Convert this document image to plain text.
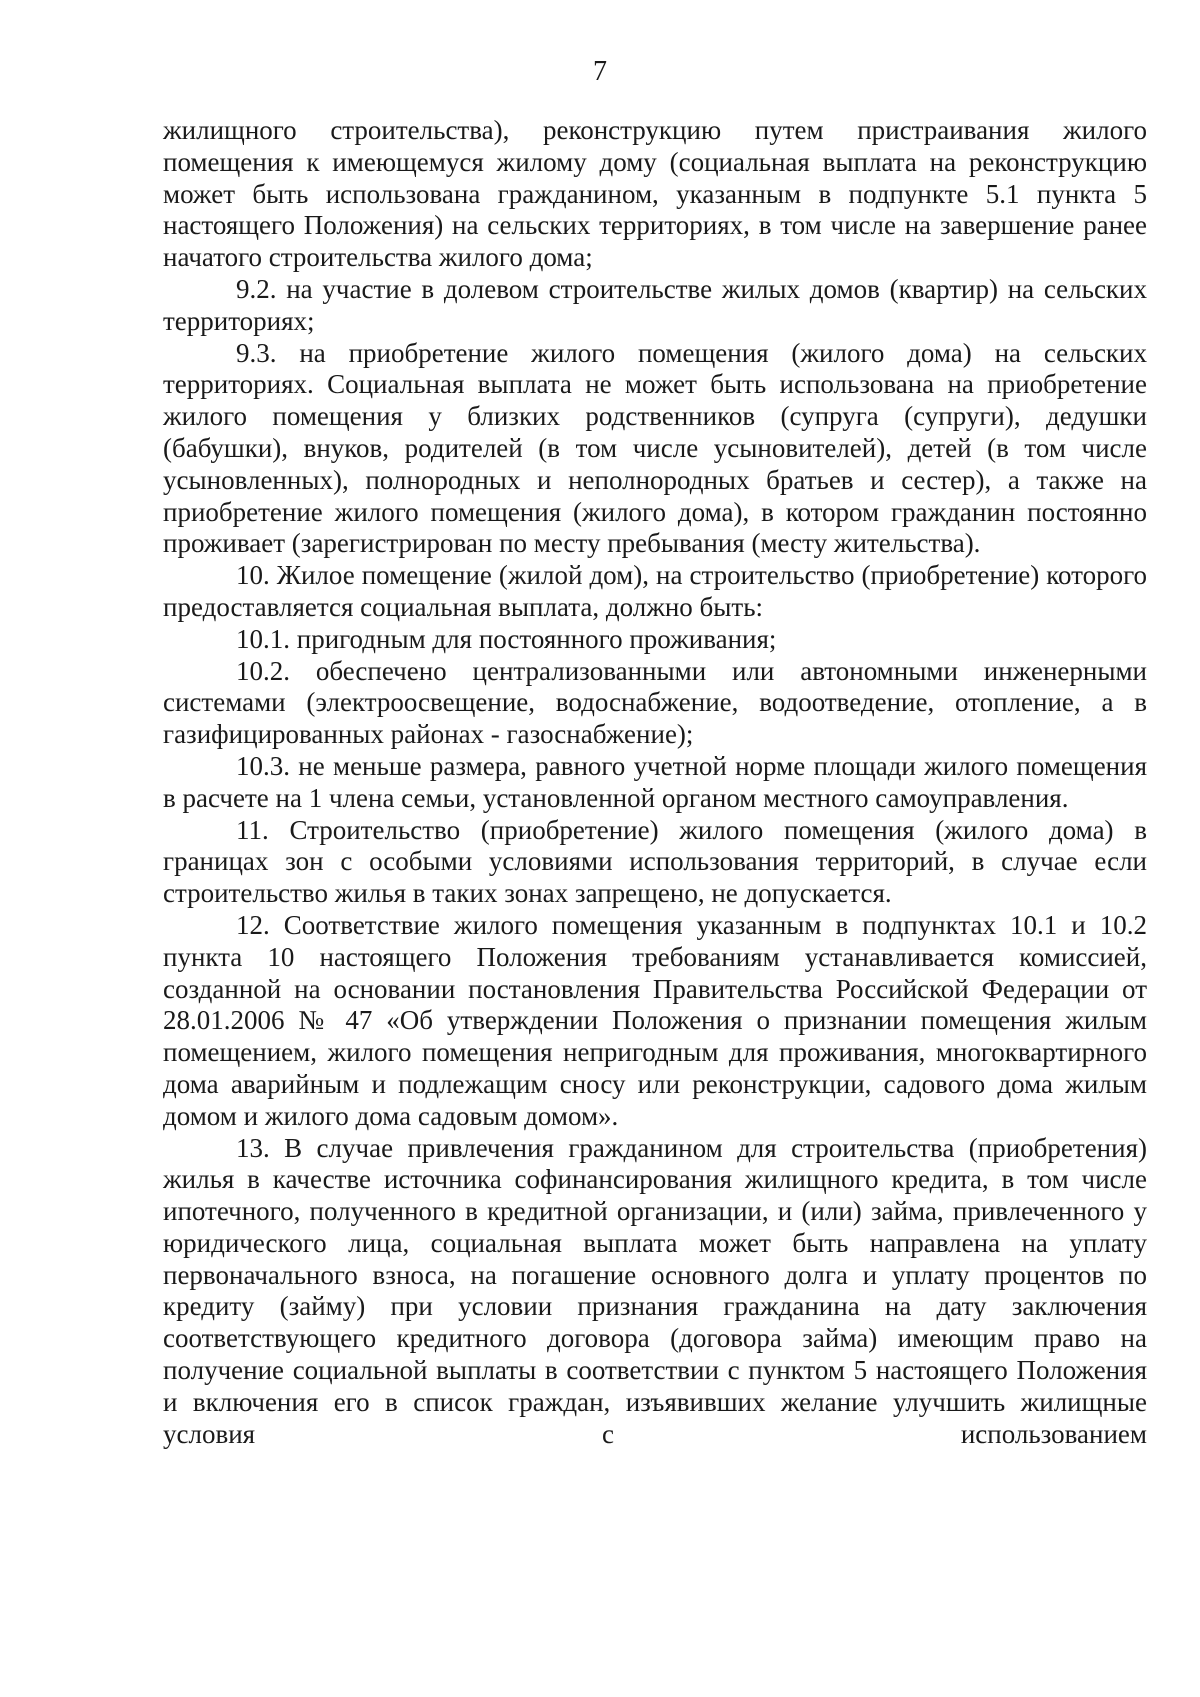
7

жилищного строительства), реконструкцию путем пристраивания жилого помещения к имеющемуся жилому дому (социальная выплата на реконструкцию может быть использована гражданином, указанным в подпункте 5.1 пункта 5 настоящего Положения) на сельских территориях, в том числе на завершение ранее начатого строительства жилого дома;

9.2. на участие в долевом строительстве жилых домов (квартир) на сельских территориях;

9.3. на приобретение жилого помещения (жилого дома) на сельских территориях. Социальная выплата не может быть использована на приобретение жилого помещения у близких родственников (супруга (супруги), дедушки (бабушки), внуков, родителей (в том числе усыновителей), детей (в том числе усыновленных), полнородных и неполнородных братьев и сестер), а также на приобретение жилого помещения (жилого дома), в котором гражданин постоянно проживает (зарегистрирован по месту пребывания (месту жительства).

10. Жилое помещение (жилой дом), на строительство (приобретение) которого предоставляется социальная выплата, должно быть:

10.1. пригодным для постоянного проживания;

10.2. обеспечено централизованными или автономными инженерными системами (электроосвещение, водоснабжение, водоотведение, отопление, а в газифицированных районах - газоснабжение);

10.3. не меньше размера, равного учетной норме площади жилого помещения в расчете на 1 члена семьи, установленной органом местного самоуправления.

11. Строительство (приобретение) жилого помещения (жилого дома) в границах зон с особыми условиями использования территорий, в случае если строительство жилья в таких зонах запрещено, не допускается.

12. Соответствие жилого помещения указанным в подпунктах 10.1 и 10.2 пункта 10 настоящего Положения требованиям устанавливается комиссией, созданной на основании постановления Правительства Российской Федерации от 28.01.2006 № 47 «Об утверждении Положения о признании помещения жилым помещением, жилого помещения непригодным для проживания, многоквартирного дома аварийным и подлежащим сносу или реконструкции, садового дома жилым домом и жилого дома садовым домом».

13. В случае привлечения гражданином для строительства (приобретения) жилья в качестве источника софинансирования жилищного кредита, в том числе ипотечного, полученного в кредитной организации, и (или) займа, привлеченного у юридического лица, социальная выплата может быть направлена на уплату первоначального взноса, на погашение основного долга и уплату процентов по кредиту (займу) при условии признания гражданина на дату заключения соответствующего кредитного договора (договора займа) имеющим право на получение социальной выплаты в соответствии с пунктом 5 настоящего Положения и включения его в список граждан, изъявивших желание улучшить жилищные условия с использованием
